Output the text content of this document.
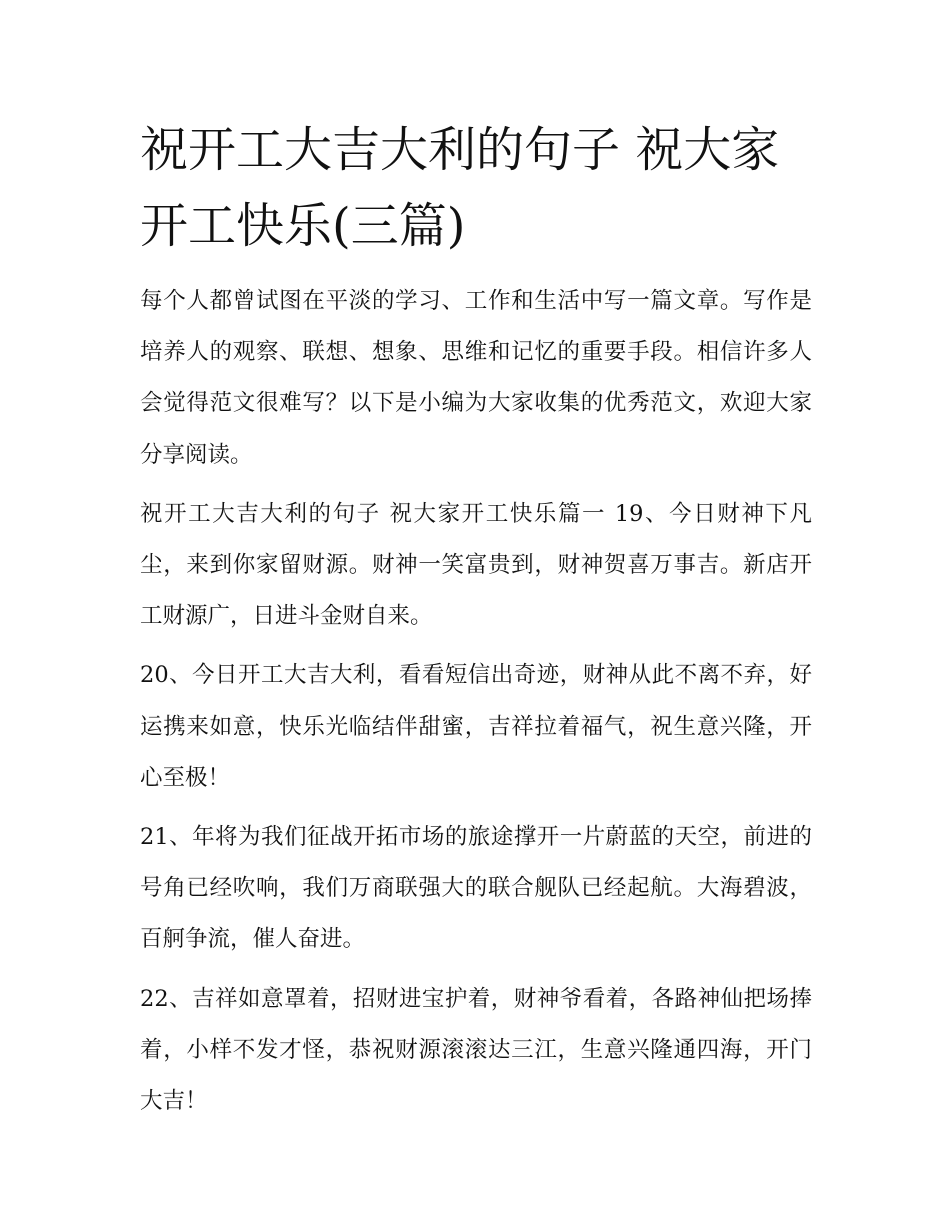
祝开工大吉大利的句子 祝大家开工快乐(三篇)

每个人都曾试图在平淡的学习、工作和生活中写一篇文章。写作是培养人的观察、联想、想象、思维和记忆的重要手段。相信许多人会觉得范文很难写？以下是小编为大家收集的优秀范文，欢迎大家分享阅读。

祝开工大吉大利的句子 祝大家开工快乐篇一 19、今日财神下凡尘，来到你家留财源。财神一笑富贵到，财神贺喜万事吉。新店开工财源广，日进斗金财自来。

20、今日开工大吉大利，看看短信出奇迹，财神从此不离不弃，好运携来如意，快乐光临结伴甜蜜，吉祥拉着福气，祝生意兴隆，开心至极！

21、年将为我们征战开拓市场的旅途撑开一片蔚蓝的天空，前进的号角已经吹响，我们万商联强大的联合舰队已经起航。大海碧波，百舸争流，催人奋进。

22、吉祥如意罩着，招财进宝护着，财神爷看着，各路神仙把场捧着，小样不发才怪，恭祝财源滚滚达三江，生意兴隆通四海，开门大吉！
